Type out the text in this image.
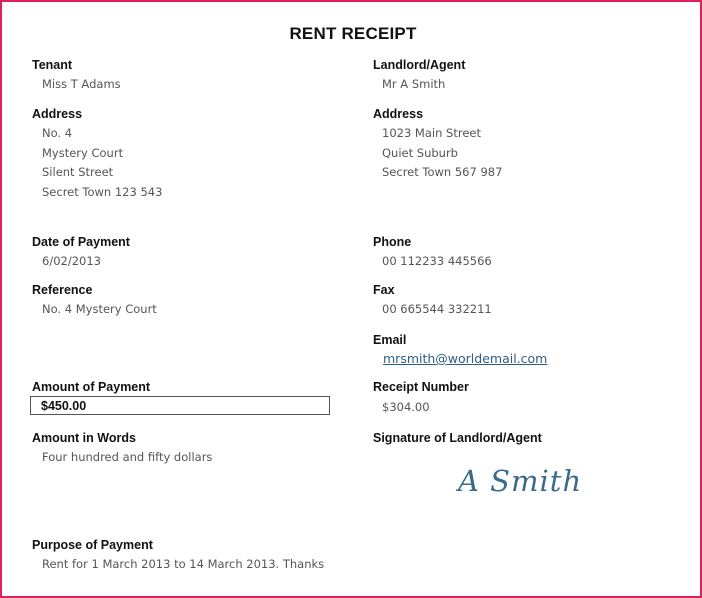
RENT RECEIPT
Tenant
Miss T Adams
Address
No. 4
Mystery Court
Silent Street
Secret Town 123 543
Date of Payment
6/02/2013
Reference
No. 4 Mystery Court
Amount of Payment
$450.00
Amount in Words
Four hundred and fifty dollars
Purpose of Payment
Rent for 1 March 2013 to 14 March 2013. Thanks
Landlord/Agent
Mr A Smith
Address
1023 Main Street
Quiet Suburb
Secret Town 567 987
Phone
00 112233 445566
Fax
00 665544 332211
Email
mrsmith@worldemail.com
Receipt Number
$304.00
Signature of Landlord/Agent
A Smith
